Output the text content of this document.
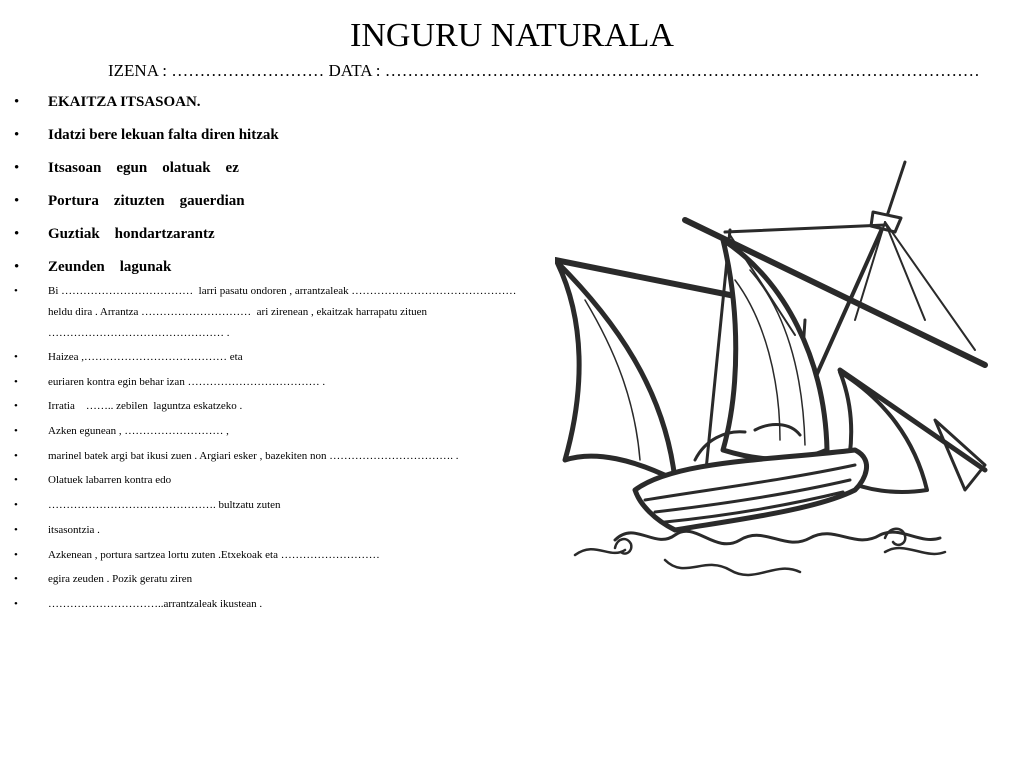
INGURU NATURALA
IZENA : ……………………… DATA : ……………………………………………………………………………………………
• EKAITZA ITSASOAN.
• Idatzi bere lekuan falta diren hitzak
• Itsasoan    egun    olatuak    ez
• Portura    zituzten    gauerdian
• Guztiak    hondartzarantz
• Zeunden    lagunak
• Bi ………………………………  larri pasatu ondoren , arrantzaleak ………………………………………heldu dira . Arrantza …………………………  ari zirenean , ekaitzak harrapatu zituen ………………………………………… .
• Haizea ,………………………………… eta
• euriaren kontra egin behar izan ……………………………… .
• Irratia    …….. zebilen  laguntza eskatzeko .
• Azken egunean , ……………………… ,
• marinel batek argi bat ikusi zuen . Argiari esker , bazekiten non ……………………………. .
• Olatuek labarren kontra edo
• ………………………………………. bultzatu zuten
• itsasontzia .
• Azkenean , portura sartzea lortu zuten .Etxekoak eta ………………………
• egira zeuden . Pozik geratu ziren
• …………………………..arrantzaleak ikustean .
